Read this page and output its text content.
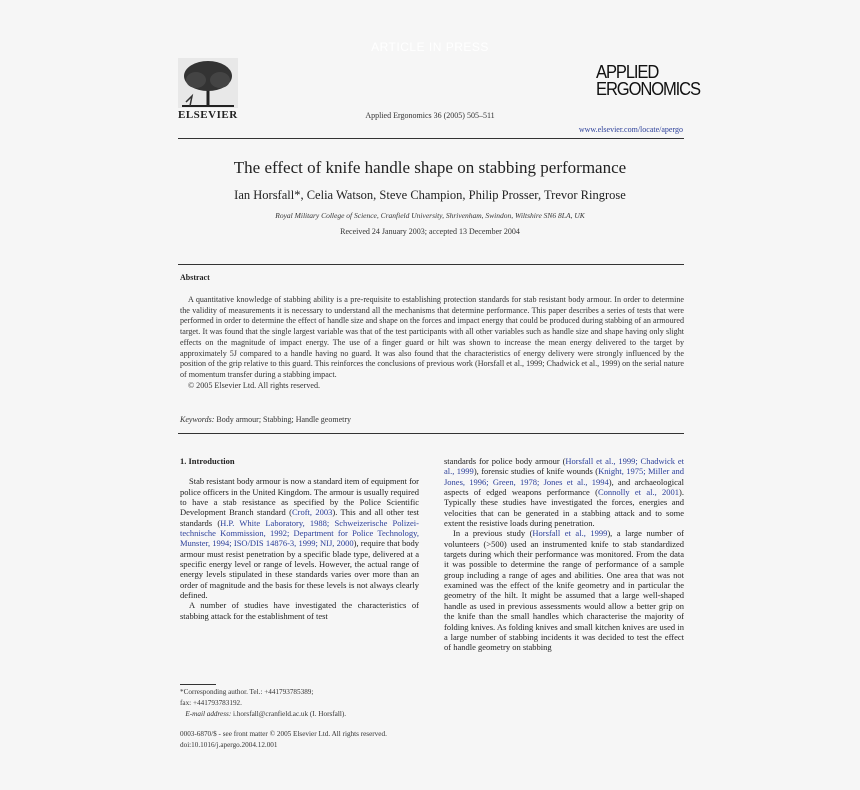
ARTICLE IN PRESS
ELSEVIER	Applied Ergonomics 36 (2005) 505–511
APPLIED
ERGONOMICS
www.elsevier.com/locate/apergo
The effect of knife handle shape on stabbing performance
Ian Horsfall*, Celia Watson, Steve Champion, Philip Prosser, Trevor Ringrose
Royal Military College of Science, Cranfield University, Shrivenham, Swindon, Wiltshire SN6 8LA, UK
Received 24 January 2003; accepted 13 December 2004
Abstract

A quantitative knowledge of stabbing ability is a pre-requisite to establishing protection standards for stab resistant body armour. In order to determine the validity of measurements it is necessary to understand all the mechanisms that determine performance. This paper describes a series of tests that were performed in order to determine the effect of handle size and shape on the forces and impact energy that could be produced during stabbing of an armoured target. It was found that the single largest variable was that of the test participants with all other variables such as handle size and shape having only slight effects on the magnitude of impact energy. The use of a finger guard or hilt was shown to increase the mean energy delivered to the target by approximately 5J compared to a handle having no guard. It was also found that the characteristics of energy delivery were strongly influenced by the position of the grip relative to this guard. This reinforces the conclusions of previous work (Horsfall et al., 1999; Chadwick et al., 1999) on the serial nature of momentum transfer during a stabbing impact.

© 2005 Elsevier Ltd. All rights reserved.

Keywords: Body armour; Stabbing; Handle geometry

1. Introduction

Stab resistant body armour is now a standard item of equipment for police officers in the United Kingdom. The armour is usually required to have a stab resistance as specified by the Police Scientific Development Branch standard (Croft, 2003). This and all other test standards (H.P. White Laboratory, 1988; Schweizerische Polizei-technische Kommission, 1992; Department for Police Technology, Munster, 1994; ISO/DIS 14876-3, 1999; NIJ, 2000), require that body armour must resist penetration by a specific blade type, delivered at a specific energy level or range of levels. However, the actual range of energy levels stipulated in these standards varies over more than an order of magnitude and the basis for these levels is not always clearly defined.

A number of studies have investigated the characteristics of stabbing attack for the establishment of test

standards for police body armour (Horsfall et al., 1999; Chadwick et al., 1999), forensic studies of knife wounds (Knight, 1975; Miller and Jones, 1996; Green, 1978; Jones et al., 1994), and archaeological aspects of edged weapons performance (Connolly et al., 2001). Typically these studies have investigated the forces, energies and velocities that can be generated in a stabbing attack and to some extent the resistive loads during penetration.

In a previous study (Horsfall et al., 1999), a large number of volunteers (>500) used an instrumented knife to stab standardized targets during which their performance was monitored. From the data it was possible to determine the range of performance of a sample group including a range of ages and abilities. One area that was not examined was the effect of the knife geometry and in particular the geometry of the hilt. It might be assumed that a large well-shaped handle as used in previous assessments would allow a better grip on the knife than the small handles which characterise the majority of folding knives. As folding knives and small kitchen knives are used in a large number of stabbing incidents it was decided to test the effect of handle geometry on stabbing

*Corresponding author. Tel.: +441793785389;

fax: +441793783192.

E-mail address: i.horsfall@cranfield.ac.uk (I. Horsfall).

0003-6870/$ - see front matter © 2005 Elsevier Ltd. All rights reserved.

doi:10.1016/j.apergo.2004.12.001
